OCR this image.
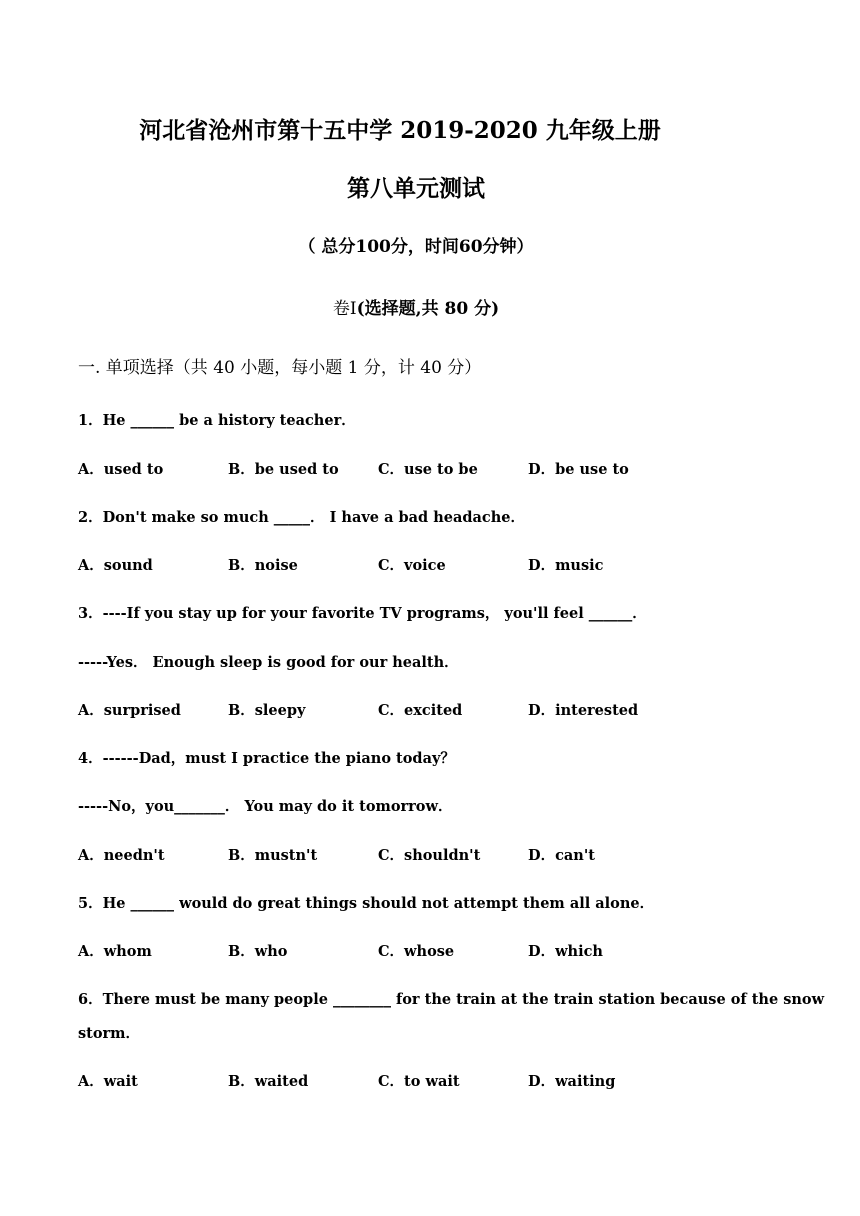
河北省沧州市第十五中学 2019-2020 九年级上册
第八单元测试
（ 总分100分，时间60分钟）
卷Ⅰ(选择题,共 80 分)
一. 单项选择（共 40 小题，每小题 1 分，计 40 分）
1．He ______ be a history teacher．
A．used to	B．be used to	C．use to be	D．be use to
2．Don't make so much _____． I have a bad headache．
A．sound	B．noise	C．voice	D．music
3．----If you stay up for your favorite TV programs， you'll feel ______．
-----Yes． Enough sleep is good for our health．
A．surprised	B．sleepy	C．excited	D．interested
4．------Dad，must I practice the piano today？
-----No，you_______． You may do it tomorrow．
A．needn't	B．mustn't	C．shouldn't	D．can't
5．He ______ would do great things should not attempt them all alone．
A．whom	B．who	C．whose	D．which
6．There must be many people ________ for the train at the train station because of the snow
storm．
A．wait	B．waited	C．to wait	D．waiting
